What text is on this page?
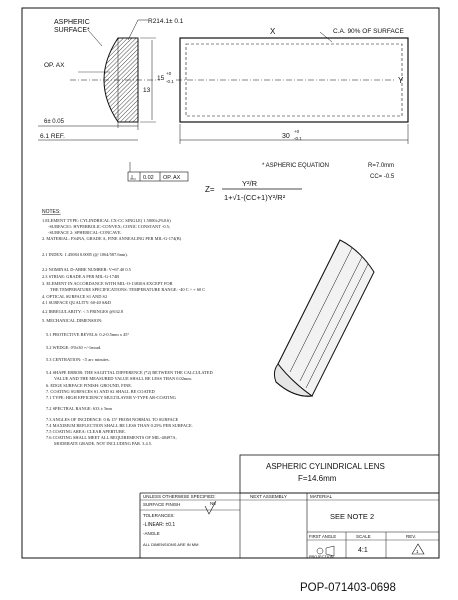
ASPHERIC
SURFACE *
R214.1± 0.1
OP. AX
13
15
+0
-0.1
6± 0.05
6.1 REF.
X	C.A. 90% OF SURFACE
Y
30
+0
-0.1
0.02 OP. AX
* ASPHERIC EQUATION	R=7.0mm
CC= -0.5
Z=
Y²/R
1+√1-(CC+1)Y²/R²
NOTES:
1.ELEMENT TYPE: CYLINDRICAL CX-CC SINGLE( 1.5000±2%0.6)
-SURFACE1: HYPERBOLIC-CONVEX; CONIC CONSTANT -0.5;
-SURFACE 2: SPHERICAL-CONCAVE.
2. MATERIAL: FS4NA, GRADE A, FINE ANNEALING PER MIL-G-174(B)
2.1 INDEX: 1.45084 0.0005 (@ 1064/587.6nm).
2.2 NOMINAL D-ABBE NUMBER: V=67.40 0.5
2.3 STRIAE: GRADE A PER MIL-G-174B
3. ELEMENT IN ACCORDANCE WITH MIL-O-13830A EXCEPT FOR
THE TEMPERATURE SPECIFICATIONS: TEMPERATURE RANGE: -40 C ÷ + 60 C
4. OPTICAL SURFACE S1 AND S2
4.1 SURFACE QUALITY: 60-40 S&D
4.2 IRREGULARITY: < 5 FRINGES @632.8
5. MECHANICAL DIMENSION:
5.1 PROTECTIVE BEVELS: 0.2-0.5mm x 45°
5.2 WEDGE: 0'0±30 +/-1mrad.
5.3 CENTRATION: <5 arc minutes.
5.4 SHAPE ERROR: THE SAGITTAL DIFFERENCE (*2) BETWEEN THE CALCULATED
VALUE AND THE MEASURED VALUE SHALL BE LESS THAN 0.02mm.
6. EDGE SURFACE FINISH: GROUND, FINE.
7. COATING SURFACES S1 AND S2 SHALL BE COATED
7.1 TYPE: HIGH EFFICIENCY MULTILAYER V-TYPE AR-COATING
7.2 SPECTRAL RANGE: 633 ± 5nm
7.3 ANGLES OF INCIDENCE: 0 & 15° FROM NORMAL TO SURFACE
7.4 MAXIMUM REFLECTION SHALL BE LESS THAN 0.25% PER SURFACE.
7.5 COATING AREA: CLEAR APERTURE.
7.6 COATING SHALL MEET ALL REQUIREMENTS OF MIL-48497A,
MODERATE GRADE, NOT INCLUDING PAR. 3.4.5.
ASPHERIC CYLINDRICAL LENS
F=14.6mm
UNLESS OTHERWISE SPECIFIED:	NEXT ASSEMBLY	MATERIAL
SURFACE FINISH	N6
TOLERANCES:
-LINEAR: ±0.1
-ANGLE
ALL DIMENSIONS ARE IN MM
SEE NOTE 2
FIRST ANGLE
PROJECTION
SCALE
4:1
REV.
1
POP-071403-0698
